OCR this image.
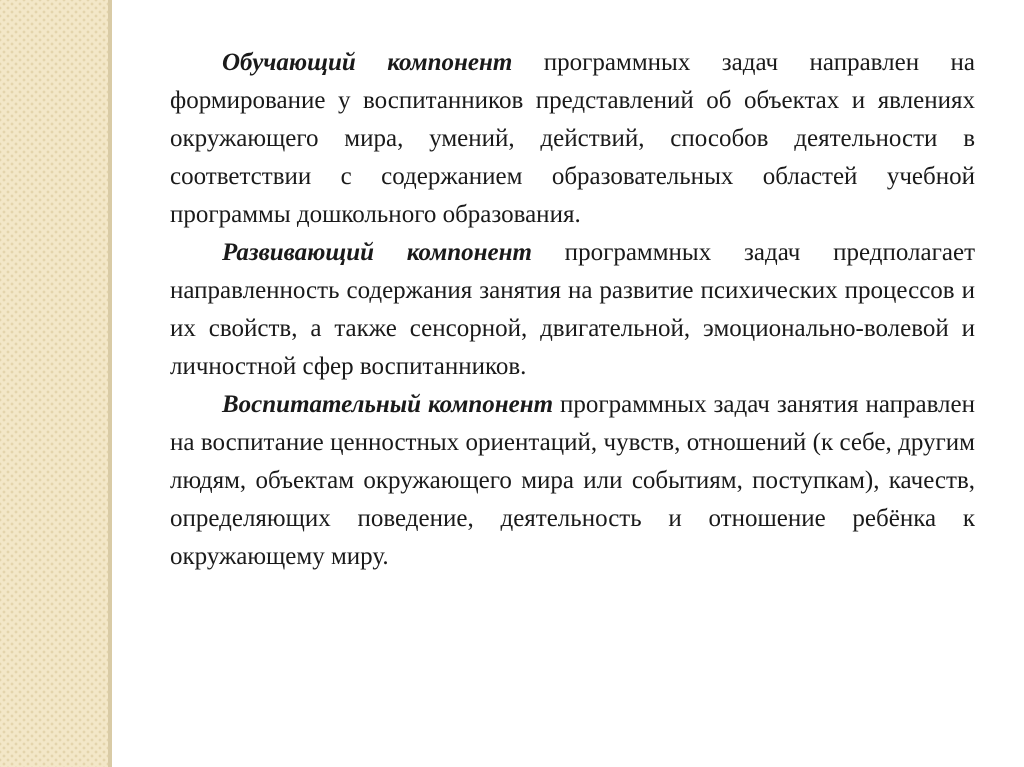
Обучающий компонент программных задач направлен на формирование у воспитанников представлений об объектах и явлениях окружающего мира, умений, действий, способов деятельности в соответствии с содержанием образовательных областей учебной программы дошкольного образования.

Развивающий компонент программных задач предполагает направленность содержания занятия на развитие психических процессов и их свойств, а также сенсорной, двигательной, эмоционально-волевой и личностной сфер воспитанников.

Воспитательный компонент программных задач занятия направлен на воспитание ценностных ориентаций, чувств, отношений (к себе, другим людям, объектам окружающего мира или событиям, поступкам), качеств, определяющих поведение, деятельность и отношение ребёнка к окружающему миру.
